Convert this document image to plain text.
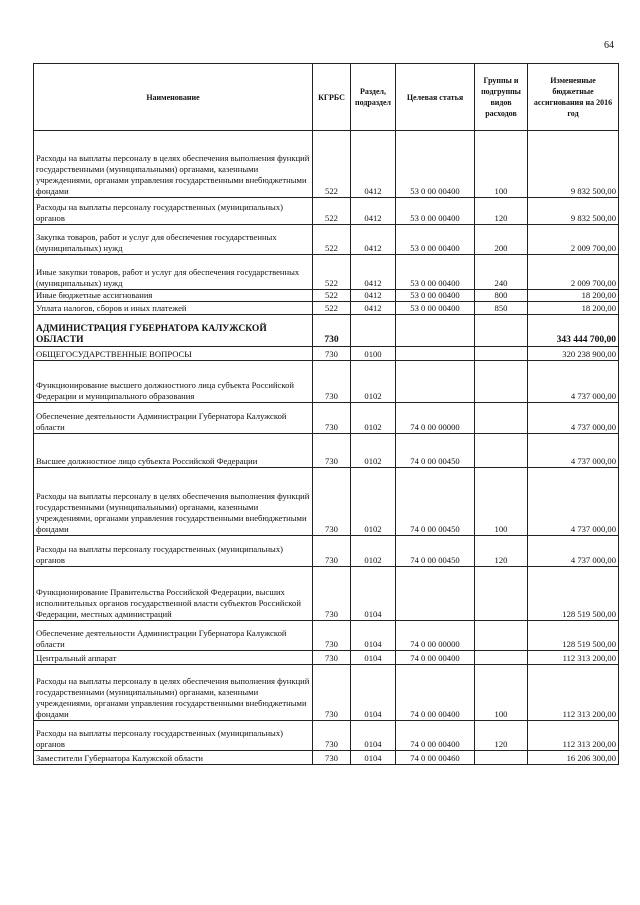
64
Наименование	КГРБС	Раздел, подраздел	Целевая статья	Группы и подгруппы видов расходов	Измененные бюджетные ассигнования на 2016 год
Расходы на выплаты персоналу в целях обеспечения выполнения функций государственными (муниципальными) органами, казенными учреждениями, органами управления государственными внебюджетными фондами	522	0412	53 0 00 00400	100	9 832 500,00
Расходы на выплаты персоналу государственных (муниципальных) органов	522	0412	53 0 00 00400	120	9 832 500,00
Закупка товаров, работ и услуг для обеспечения государственных (муниципальных) нужд	522	0412	53 0 00 00400	200	2 009 700,00
Иные закупки товаров, работ и услуг для обеспечения государственных (муниципальных) нужд	522	0412	53 0 00 00400	240	2 009 700,00
Иные бюджетные ассигнования	522	0412	53 0 00 00400	800	18 200,00
Уплата налогов, сборов и иных платежей	522	0412	53 0 00 00400	850	18 200,00
АДМИНИСТРАЦИЯ ГУБЕРНАТОРА КАЛУЖСКОЙ ОБЛАСТИ	730				343 444 700,00
ОБЩЕГОСУДАРСТВЕННЫЕ ВОПРОСЫ	730	0100			320 238 900,00
Функционирование высшего должностного лица субъекта Российской Федерации и муниципального образования	730	0102			4 737 000,00
Обеспечение деятельности Администрации Губернатора Калужской области	730	0102	74 0 00 00000		4 737 000,00
Высшее должностное лицо субъекта Российской Федерации	730	0102	74 0 00 00450		4 737 000,00
Расходы на выплаты персоналу в целях обеспечения выполнения функций государственными (муниципальными) органами, казенными учреждениями, органами управления государственными внебюджетными фондами	730	0102	74 0 00 00450	100	4 737 000,00
Расходы на выплаты персоналу государственных (муниципальных) органов	730	0102	74 0 00 00450	120	4 737 000,00
Функционирование Правительства Российской Федерации, высших исполнительных органов государственной власти субъектов Российской Федерации, местных администраций	730	0104			128 519 500,00
Обеспечение деятельности Администрации Губернатора Калужской области	730	0104	74 0 00 00000		128 519 500,00
Центральный аппарат	730	0104	74 0 00 00400		112 313 200,00
Расходы на выплаты персоналу в целях обеспечения выполнения функций государственными (муниципальными) органами, казенными учреждениями, органами управления государственными внебюджетными фондами	730	0104	74 0 00 00400	100	112 313 200,00
Расходы на выплаты персоналу государственных (муниципальных) органов	730	0104	74 0 00 00400	120	112 313 200,00
Заместители Губернатора Калужской области	730	0104	74 0 00 00460		16 206 300,00
